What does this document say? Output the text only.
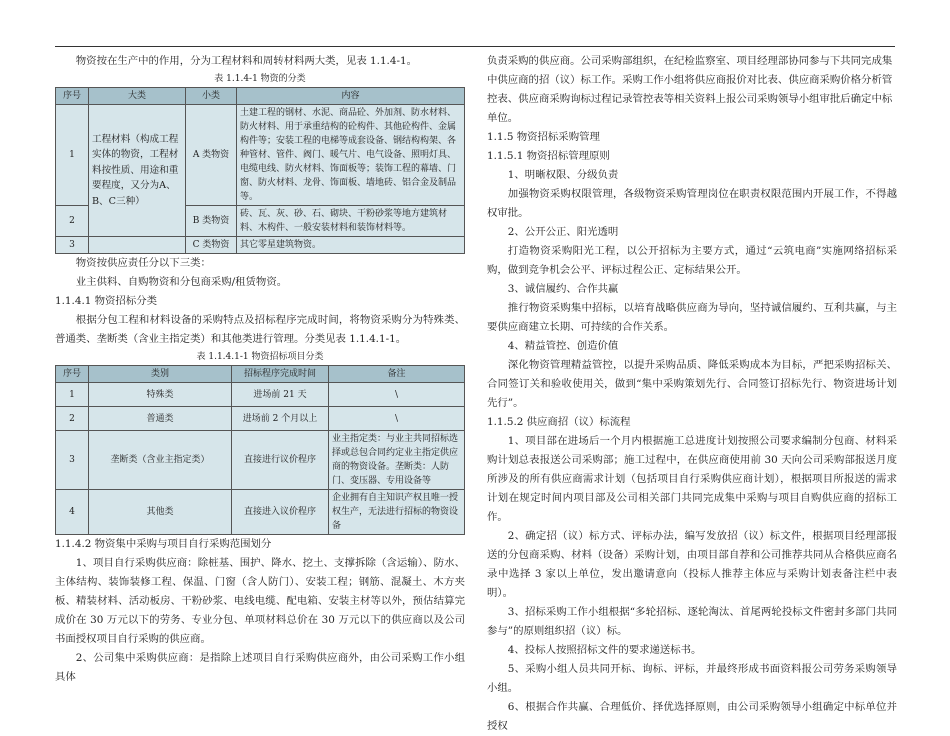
物资按在生产中的作用，分为工程材料和周转材料两大类，见表 1.1.4-1。

表 1.1.4-1 物资的分类
序号	大类	小类	内容
1	工程材料（构成工程实体的物资，工程材料按性质、用途和重要程度，又分为A、B、C三种）	A 类物资	土建工程的钢材、水泥、商品砼、外加剂、防水材料、防火材料、用于承重结构的砼构件、其他砼构件、金属构件等；安装工程的电梯等成套设备、钢结构构架、各种管材、管件、阀门、暖气片、电气设备、照明灯具、电缆电线、防火材料、饰面板等；装饰工程的幕墙、门窗、防火材料、龙骨、饰面板、墙地砖、铝合金及制品等。
2		B 类物资	砖、瓦、灰、砂、石、砌块、干粉砂浆等地方建筑材料、木构件、一般安装材料和装饰材料等。
3		C 类物资	其它零星建筑物资。

物资按供应责任分以下三类：

业主供料、自购物资和分包商采购/租赁物资。

1.1.4.1 物资招标分类

根据分包工程和材料设备的采购特点及招标程序完成时间，将物资采购分为特殊类、普通类、垄断类（含业主指定类）和其他类进行管理。分类见表 1.1.4.1-1。

表 1.1.4.1-1 物资招标项目分类
序号	类别	招标程序完成时间	备注
1	特殊类	进场前 21 天	\
2	普通类	进场前 2 个月以上	\
3	垄断类（含业主指定类）	直接进行议价程序	业主指定类：与业主共同招标选择或总包合同约定业主指定供应商的物资设备。垄断类：人防门、变压器、专用设备等
4	其他类	直接进入议价程序	企业拥有自主知识产权且唯一授权生产，无法进行招标的物资设备

1.1.4.2 物资集中采购与项目自行采购范围划分

1、项目自行采购供应商：除桩基、围护、降水、挖土、支撑拆除（含运输）、防水、主体结构、装饰装修工程、保温、门窗（含人防门）、安装工程；钢筋、混凝土、木方夹板、精装材料、活动板房、干粉砂浆、电线电缆、配电箱、安装主材等以外，预估结算完成价在 30 万元以下的劳务、专业分包、单项材料总价在 30 万元以下的供应商以及公司书面授权项目自行采购的供应商。

2、公司集中采购供应商：是指除上述项目自行采购供应商外，由公司采购工作小组具体

负责采购的供应商。公司采购部组织，在纪检监察室、项目经理部协同参与下共同完成集中供应商的招（议）标工作。采购工作小组将供应商报价对比表、供应商采购价格分析管控表、供应商采购询标过程记录管控表等相关资料上报公司采购领导小组审批后确定中标单位。

1.1.5 物资招标采购管理

1.1.5.1 物资招标管理原则

1、明晰权限、分级负责

加强物资采购权限管理，各级物资采购管理岗位在职责权限范围内开展工作，不得越权审批。

2、公开公正、阳光透明

打造物资采购阳光工程，以公开招标为主要方式，通过“云筑电商”实施网络招标采购，做到竞争机会公平、评标过程公正、定标结果公开。

3、诚信履约、合作共赢

推行物资采购集中招标，以培育战略供应商为导向，坚持诚信履约、互利共赢，与主要供应商建立长期、可持续的合作关系。

4、精益管控、创造价值

深化物资管理精益管控，以提升采购品质、降低采购成本为目标，严把采购招标关、合同签订关和验收使用关，做到“集中采购策划先行、合同签订招标先行、物资进场计划先行”。

1.1.5.2 供应商招（议）标流程

1、项目部在进场后一个月内根据施工总进度计划按照公司要求编制分包商、材料采购计划总表报送公司采购部；施工过程中，在供应商使用前 30 天向公司采购部报送月度所涉及的所有供应商需求计划（包括项目自行采购供应商计划），根据项目所报送的需求计划在规定时间内项目部及公司相关部门共同完成集中采购与项目自购供应商的招标工作。

2、确定招（议）标方式、评标办法，编写发放招（议）标文件，根据项目经理部报送的分包商采购、材料（设备）采购计划，由项目部自荐和公司推荐共同从合格供应商名录中选择 3 家以上单位，发出邀请意向（投标人推荐主体应与采购计划表备注栏中表明）。

3、招标采购工作小组根据“多轮招标、逐轮淘汰、首尾两轮投标文件密封多部门共同参与”的原则组织招（议）标。

4、投标人按照招标文件的要求递送标书。

5、采购小组人员共同开标、询标、评标，并最终形成书面资料报公司劳务采购领导小组。

6、根据合作共赢、合理低价、择优选择原则，由公司采购领导小组确定中标单位并授权
